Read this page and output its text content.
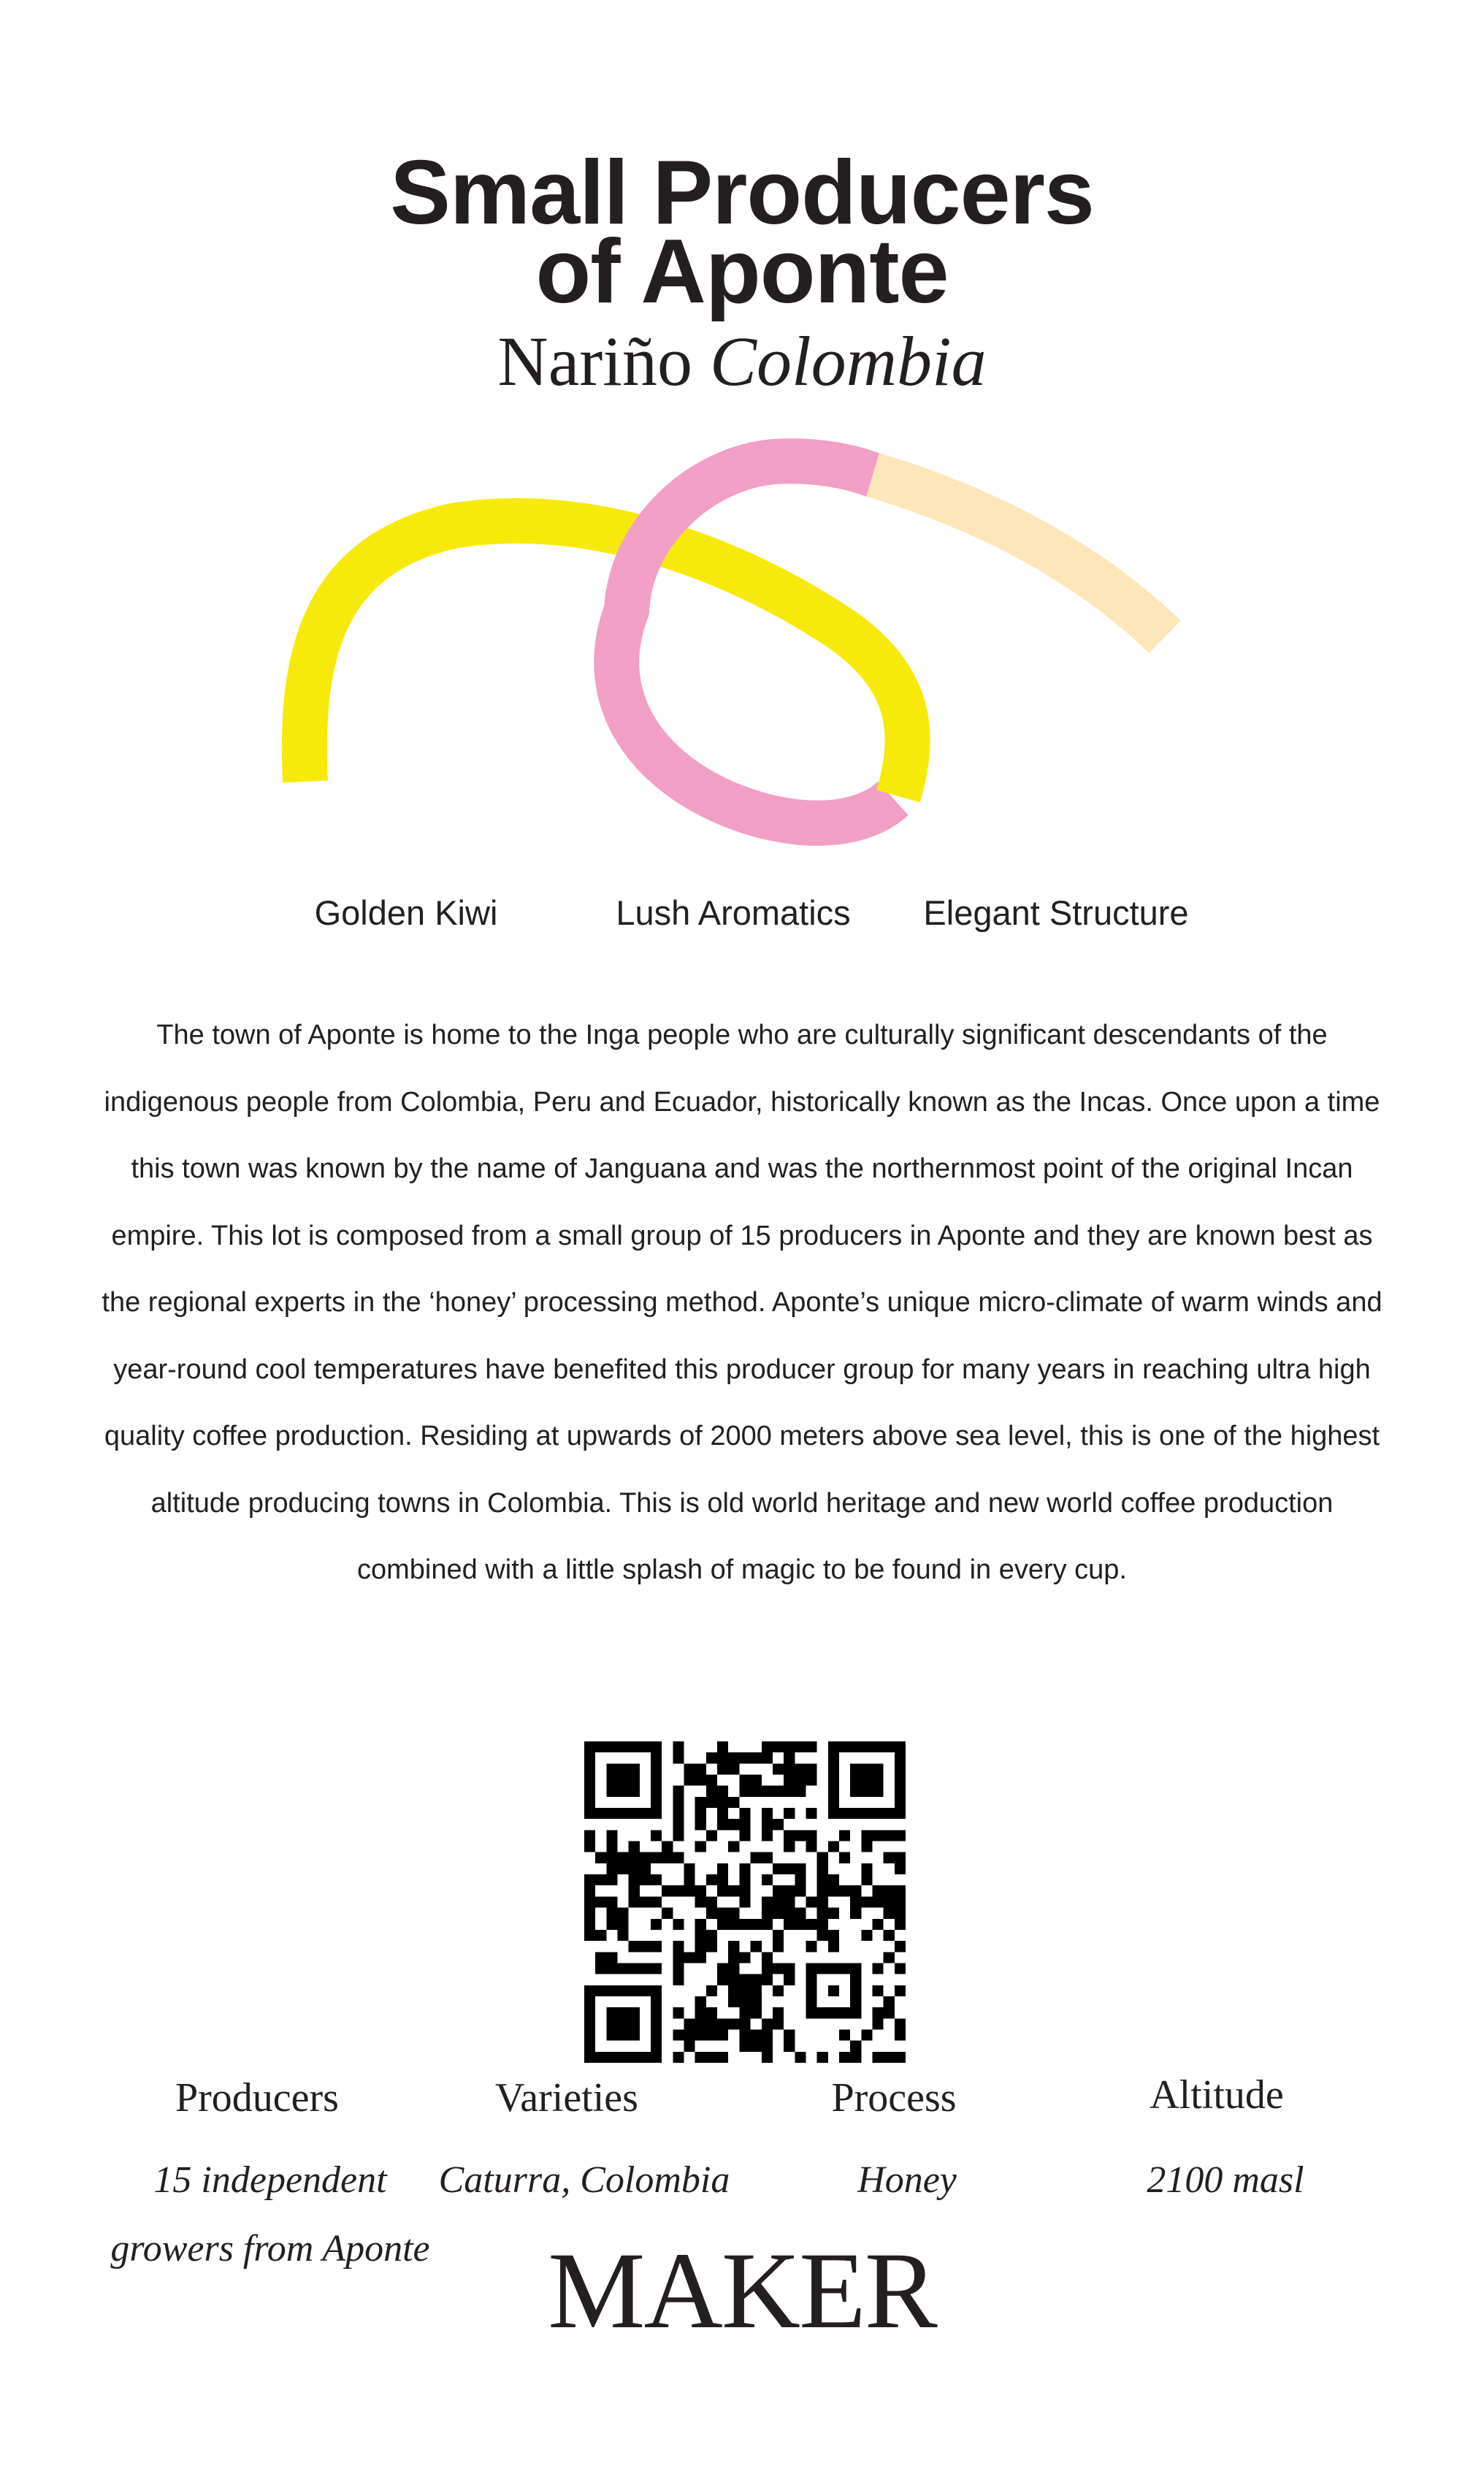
Small Producers
of Aponte
Nariño Colombia
Golden Kiwi	Lush Aromatics	Elegant Structure
The town of Aponte is home to the Inga people who are culturally significant descendants of the indigenous people from Colombia, Peru and Ecuador, historically known as the Incas. Once upon a time this town was known by the name of Janguana and was the northernmost point of the original Incan empire. This lot is composed from a small group of 15 producers in Aponte and they are known best as the regional experts in the ‘honey’ processing method. Aponte’s unique micro-climate of warm winds and year-round cool temperatures have benefited this producer group for many years in reaching ultra high quality coffee production. Residing at upwards of 2000 meters above sea level, this is one of the highest altitude producing towns in Colombia. This is old world heritage and new world coffee production combined with a little splash of magic to be found in every cup.
Producers
15 independent growers from Aponte
Varieties
Caturra, Colombia
Process
Honey
Altitude
2100 masl
MAKER
